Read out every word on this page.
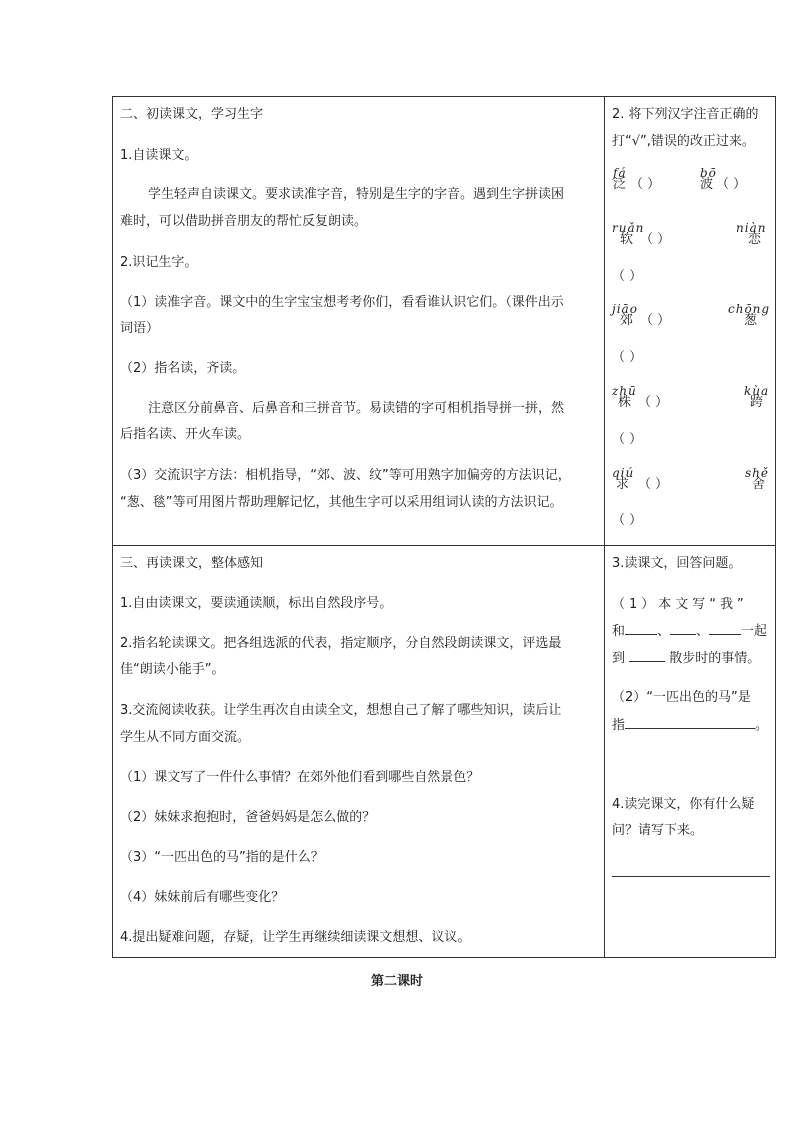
二、初读课文，学习生字
1.自读课文。
学生轻声自读课文。要求读准字音，特别是生字的字音。遇到生字拼读困
难时，可以借助拼音朋友的帮忙反复朗读。
2.识记生字。
（1）读准字音。课文中的生字宝宝想考考你们，看看谁认识它们。（课件出示
词语）
（2）指名读，齐读。
注意区分前鼻音、后鼻音和三拼音节。易读错的字可相机指导拼一拼，然
后指名读、开火车读。
（3）交流识字方法：相机指导，“郊、波、纹”等可用熟字加偏旁的方法识记，
“葱、毯”等可用图片帮助理解记忆，其他生字可以采用组词认读的方法识记。
2. 将下列汉字注音正确的
打“√”,错误的改正过来。
fá
泛 （ ）
bō
波 （ ）
ruǎn
软 （ ）
niàn
恋
（ ）
jiāo
郊 （ ）
chōng
葱
（ ）
zhū
株 （ ）
kùa
跨
（ ）
qiú
求 （ ）
shě
舍
（ ）
三、再读课文，整体感知
1.自由读课文，要读通读顺，标出自然段序号。
2.指名轮读课文。把各组选派的代表，指定顺序，分自然段朗读课文，评选最
佳“朗读小能手”。
3.交流阅读收获。让学生再次自由读全文，想想自己了解了哪些知识，读后让
学生从不同方面交流。
（1）课文写了一件什么事情？在郊外他们看到哪些自然景色？
（2）妹妹求抱抱时，爸爸妈妈是怎么做的？
（3）“一匹出色的马”指的是什么？
（4）妹妹前后有哪些变化？
4.提出疑难问题，存疑，让学生再继续细读课文想想、议议。
3.读课文，回答问题。
（1）本文写“我”
和 、 、 一起
到	散步时的事情。
（2）“一匹出色的马”是
指	。
4.读完课文，你有什么疑
问？请写下来。
第二课时
